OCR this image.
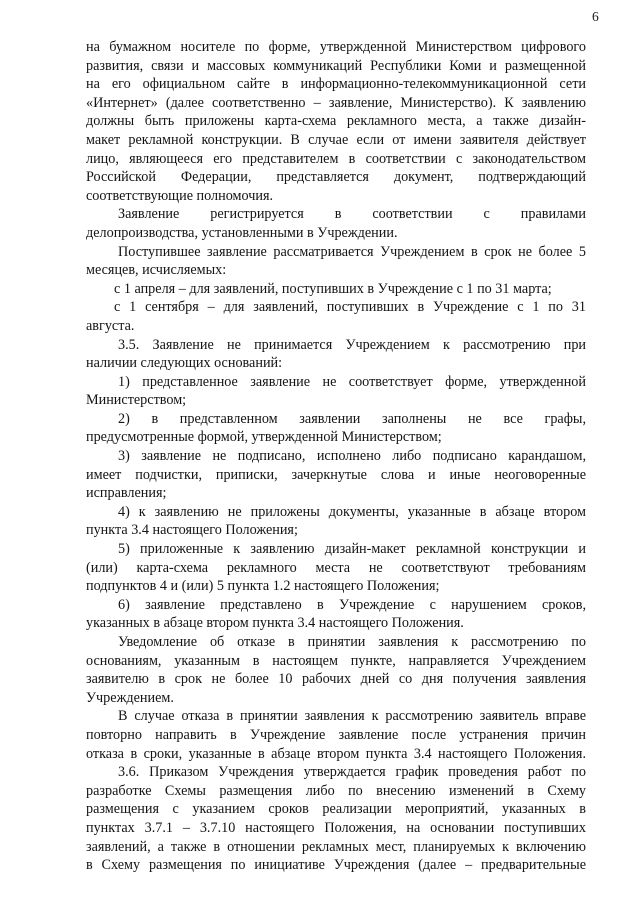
6
на бумажном носителе по форме, утвержденной Министерством цифрового
развития, связи и массовых коммуникаций Республики Коми и размещенной
на его официальном сайте в информационно-телекоммуникационной сети
«Интернет» (далее соответственно – заявление, Министерство). К заявлению
должны быть приложены карта-схема рекламного места, а также дизайн-
макет рекламной конструкции. В случае если от имени заявителя действует
лицо, являющееся его представителем в соответствии с законодательством
Российской Федерации, представляется документ, подтверждающий
соответствующие полномочия.
Заявление регистрируется в соответствии с правилами
делопроизводства, установленными в Учреждении.
Поступившее заявление рассматривается Учреждением в срок не более 5
месяцев, исчисляемых:
с 1 апреля – для заявлений, поступивших в Учреждение с 1 по 31 марта;
с 1 сентября – для заявлений, поступивших в Учреждение с 1 по 31
августа.
3.5. Заявление не принимается Учреждением к рассмотрению при
наличии следующих оснований:
1) представленное заявление не соответствует форме, утвержденной
Министерством;
2) в представленном заявлении заполнены не все графы,
предусмотренные формой, утвержденной Министерством;
3) заявление не подписано, исполнено либо подписано карандашом,
имеет подчистки, приписки, зачеркнутые слова и иные неоговоренные
исправления;
4) к заявлению не приложены документы, указанные в абзаце втором
пункта 3.4 настоящего Положения;
5) приложенные к заявлению дизайн-макет рекламной конструкции и
(или) карта-схема рекламного места не соответствуют требованиям
подпунктов 4 и (или) 5 пункта 1.2 настоящего Положения;
6) заявление представлено в Учреждение с нарушением сроков,
указанных в абзаце втором пункта 3.4 настоящего Положения.
Уведомление об отказе в принятии заявления к рассмотрению по
основаниям, указанным в настоящем пункте, направляется Учреждением
заявителю в срок не более 10 рабочих дней со дня получения заявления
Учреждением.
В случае отказа в принятии заявления к рассмотрению заявитель вправе
повторно направить в Учреждение заявление после устранения причин
отказа в сроки, указанные в абзаце втором пункта 3.4 настоящего Положения.
3.6. Приказом Учреждения утверждается график проведения работ по
разработке Схемы размещения либо по внесению изменений в Схему
размещения с указанием сроков реализации мероприятий, указанных в
пунктах 3.7.1 – 3.7.10 настоящего Положения, на основании поступивших
заявлений, а также в отношении рекламных мест, планируемых к включению
в Схему размещения по инициативе Учреждения (далее – предварительные
